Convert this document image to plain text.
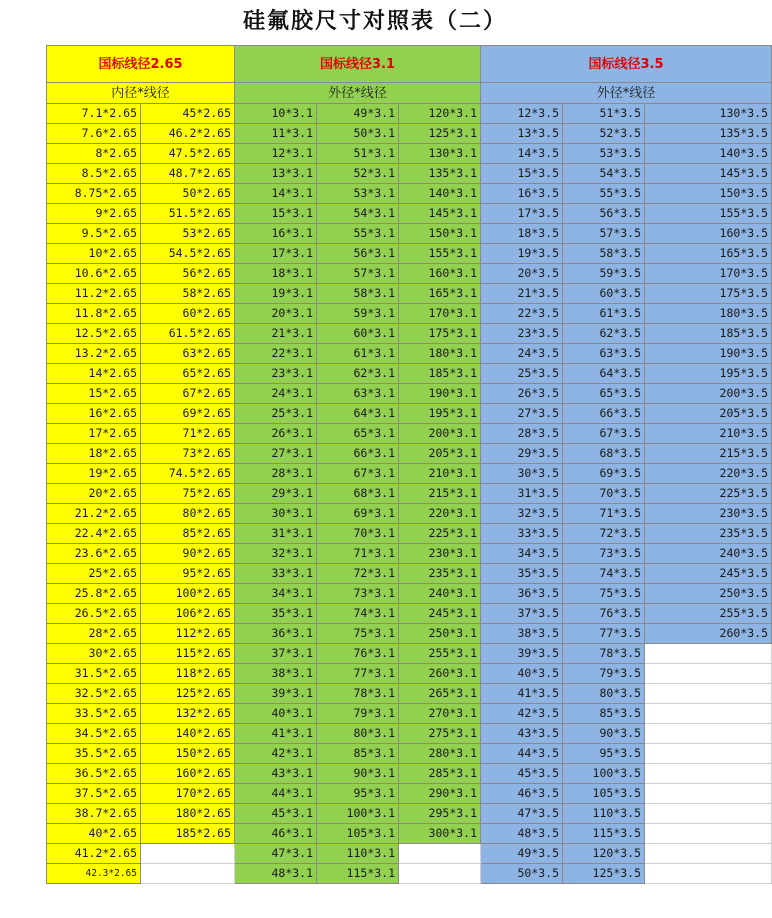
硅氟胶尺寸对照表（二）
国标线径2.65		国标线径3.1			国标线径3.5		
内径*线径		外径*线径			外径*线径		
7.1*2.65	45*2.65	10*3.1	49*3.1	120*3.1	12*3.5	51*3.5	130*3.5
7.6*2.65	46.2*2.65	11*3.1	50*3.1	125*3.1	13*3.5	52*3.5	135*3.5
8*2.65	47.5*2.65	12*3.1	51*3.1	130*3.1	14*3.5	53*3.5	140*3.5
8.5*2.65	48.7*2.65	13*3.1	52*3.1	135*3.1	15*3.5	54*3.5	145*3.5
8.75*2.65	50*2.65	14*3.1	53*3.1	140*3.1	16*3.5	55*3.5	150*3.5
9*2.65	51.5*2.65	15*3.1	54*3.1	145*3.1	17*3.5	56*3.5	155*3.5
9.5*2.65	53*2.65	16*3.1	55*3.1	150*3.1	18*3.5	57*3.5	160*3.5
10*2.65	54.5*2.65	17*3.1	56*3.1	155*3.1	19*3.5	58*3.5	165*3.5
10.6*2.65	56*2.65	18*3.1	57*3.1	160*3.1	20*3.5	59*3.5	170*3.5
11.2*2.65	58*2.65	19*3.1	58*3.1	165*3.1	21*3.5	60*3.5	175*3.5
11.8*2.65	60*2.65	20*3.1	59*3.1	170*3.1	22*3.5	61*3.5	180*3.5
12.5*2.65	61.5*2.65	21*3.1	60*3.1	175*3.1	23*3.5	62*3.5	185*3.5
13.2*2.65	63*2.65	22*3.1	61*3.1	180*3.1	24*3.5	63*3.5	190*3.5
14*2.65	65*2.65	23*3.1	62*3.1	185*3.1	25*3.5	64*3.5	195*3.5
15*2.65	67*2.65	24*3.1	63*3.1	190*3.1	26*3.5	65*3.5	200*3.5
16*2.65	69*2.65	25*3.1	64*3.1	195*3.1	27*3.5	66*3.5	205*3.5
17*2.65	71*2.65	26*3.1	65*3.1	200*3.1	28*3.5	67*3.5	210*3.5
18*2.65	73*2.65	27*3.1	66*3.1	205*3.1	29*3.5	68*3.5	215*3.5
19*2.65	74.5*2.65	28*3.1	67*3.1	210*3.1	30*3.5	69*3.5	220*3.5
20*2.65	75*2.65	29*3.1	68*3.1	215*3.1	31*3.5	70*3.5	225*3.5
21.2*2.65	80*2.65	30*3.1	69*3.1	220*3.1	32*3.5	71*3.5	230*3.5
22.4*2.65	85*2.65	31*3.1	70*3.1	225*3.1	33*3.5	72*3.5	235*3.5
23.6*2.65	90*2.65	32*3.1	71*3.1	230*3.1	34*3.5	73*3.5	240*3.5
25*2.65	95*2.65	33*3.1	72*3.1	235*3.1	35*3.5	74*3.5	245*3.5
25.8*2.65	100*2.65	34*3.1	73*3.1	240*3.1	36*3.5	75*3.5	250*3.5
26.5*2.65	106*2.65	35*3.1	74*3.1	245*3.1	37*3.5	76*3.5	255*3.5
28*2.65	112*2.65	36*3.1	75*3.1	250*3.1	38*3.5	77*3.5	260*3.5
30*2.65	115*2.65	37*3.1	76*3.1	255*3.1	39*3.5	78*3.5	
31.5*2.65	118*2.65	38*3.1	77*3.1	260*3.1	40*3.5	79*3.5	
32.5*2.65	125*2.65	39*3.1	78*3.1	265*3.1	41*3.5	80*3.5	
33.5*2.65	132*2.65	40*3.1	79*3.1	270*3.1	42*3.5	85*3.5	
34.5*2.65	140*2.65	41*3.1	80*3.1	275*3.1	43*3.5	90*3.5	
35.5*2.65	150*2.65	42*3.1	85*3.1	280*3.1	44*3.5	95*3.5	
36.5*2.65	160*2.65	43*3.1	90*3.1	285*3.1	45*3.5	100*3.5	
37.5*2.65	170*2.65	44*3.1	95*3.1	290*3.1	46*3.5	105*3.5	
38.7*2.65	180*2.65	45*3.1	100*3.1	295*3.1	47*3.5	110*3.5	
40*2.65	185*2.65	46*3.1	105*3.1	300*3.1	48*3.5	115*3.5	
41.2*2.65		47*3.1	110*3.1		49*3.5	120*3.5	
42.3*2.65		48*3.1	115*3.1		50*3.5	125*3.5	
